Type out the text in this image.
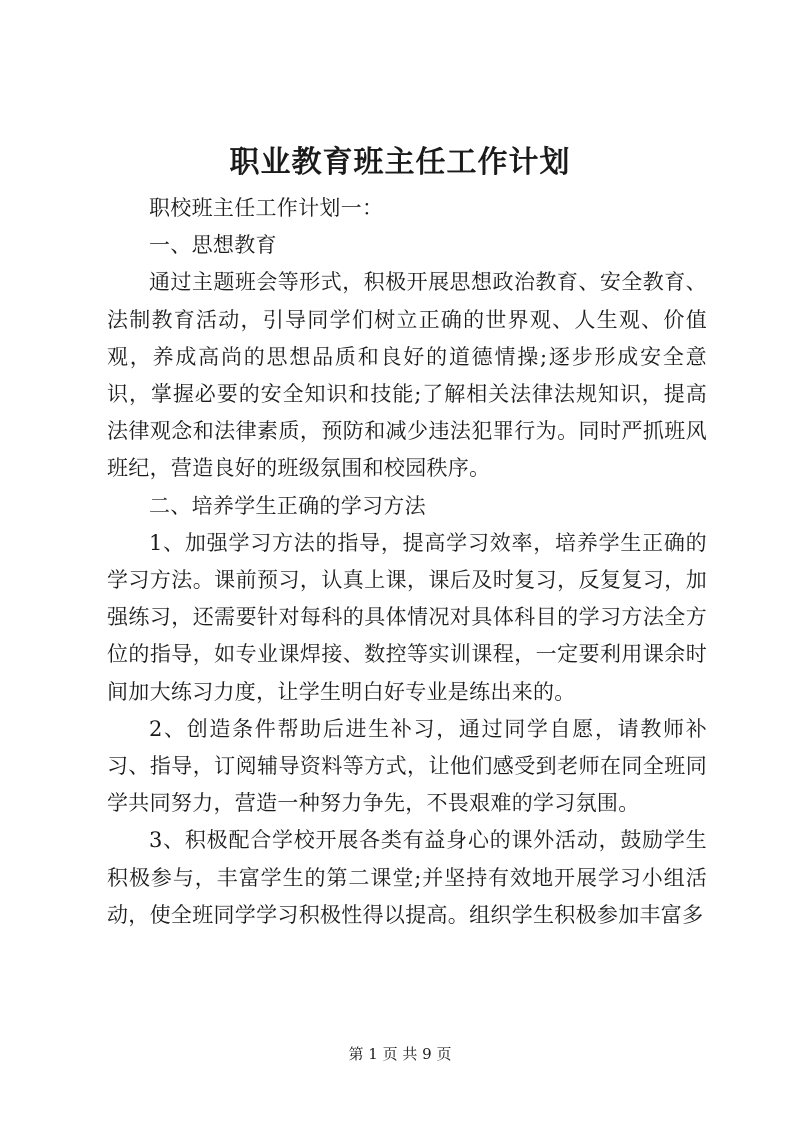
职业教育班主任工作计划

职校班主任工作计划一：

一、思想教育

通过主题班会等形式，积极开展思想政治教育、安全教育、法制教育活动，引导同学们树立正确的世界观、人生观、价值观，养成高尚的思想品质和良好的道德情操;逐步形成安全意识，掌握必要的安全知识和技能;了解相关法律法规知识，提高法律观念和法律素质，预防和减少违法犯罪行为。同时严抓班风班纪，营造良好的班级氛围和校园秩序。

二、培养学生正确的学习方法

1、加强学习方法的指导，提高学习效率，培养学生正确的学习方法。课前预习，认真上课，课后及时复习，反复复习，加强练习，还需要针对每科的具体情况对具体科目的学习方法全方位的指导，如专业课焊接、数控等实训课程，一定要利用课余时间加大练习力度，让学生明白好专业是练出来的。

2、创造条件帮助后进生补习，通过同学自愿，请教师补习、指导，订阅辅导资料等方式，让他们感受到老师在同全班同学共同努力，营造一种努力争先，不畏艰难的学习氛围。

3、积极配合学校开展各类有益身心的课外活动，鼓励学生积极参与，丰富学生的第二课堂;并坚持有效地开展学习小组活动，使全班同学学习积极性得以提高。组织学生积极参加丰富多

第 1 页 共 9 页
